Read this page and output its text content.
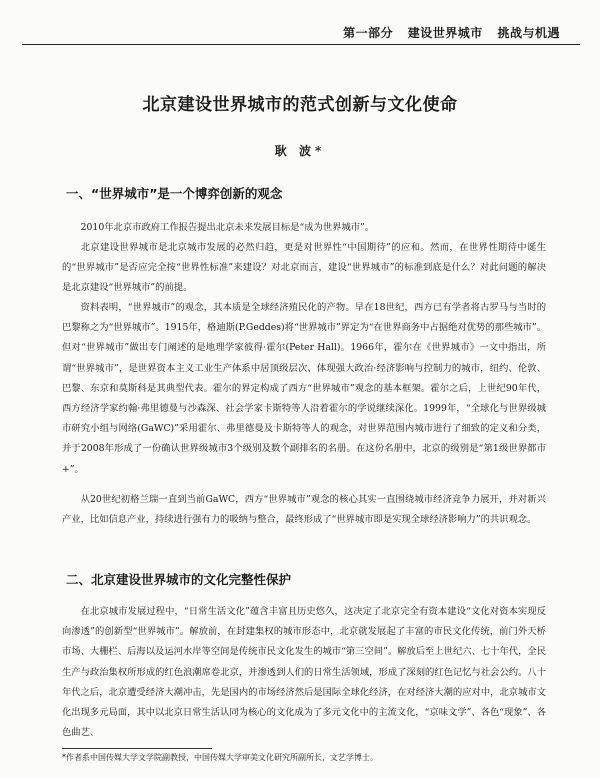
第一部分 建设世界城市 挑战与机遇
北京建设世界城市的范式创新与文化使命
耿 波*
一、“世界城市”是一个博弈创新的观念

2010年北京市政府工作报告提出北京未来发展目标是“成为世界城市”。

北京建设世界城市是北京城市发展的必然归趋，更是对世界性“中国期待”的应和。然而，在世界性期待中诞生的“世界城市”是否应完全按“世界性标准”来建设？对北京而言，建设“世界城市”的标准到底是什么？对此问题的解决是北京建设“世界城市”的前提。

资料表明，“世界城市”的观念，其本质是全球经济殖民化的产物。早在18世纪，西方已有学者将古罗马与当时的巴黎称之为“世界城市”。1915年，格迪斯(P.Geddes)将“世界城市”界定为“在世界商务中占据绝对优势的那些城市”。但对“世界城市”做出专门阐述的是地理学家彼得·霍尔(Peter Hall)。1966年，霍尔在《世界城市》一文中指出，所谓“世界城市”，是世界资本主义工业生产体系中居顶级层次、体现强大政治·经济影响与控制力的城市，纽约、伦敦、巴黎、东京和莫斯科是其典型代表。霍尔的界定构成了西方“世界城市”观念的基本框架。霍尔之后，上世纪90年代，西方经济学家约翰·弗里德曼与沙森深、社会学家卡斯特等人沿着霍尔的学说继续深化。1999年，“全球化与世界级城市研究小组与网络(GaWC)”采用霍尔、弗里德曼及卡斯特等人的观念，对世界范围内城市进行了细致的定义和分类，并于2008年形成了一份确认世界级城市3个级别及数个副排名的名册。在这份名册中，北京的级别是“第1级世界都市+”。

从20世纪初格兰瑞一直到当前GaWC，西方“世界城市”观念的核心其实一直围绕城市经济竞争力展开，并对新兴产业，比如信息产业，持续进行强有力的吸纳与整合，最终形成了“世界城市即是实现全球经济影响力”的共识观念。

二、北京建设世界城市的文化完整性保护

在北京城市发展过程中，“日常生活文化”蕴含丰富且历史悠久，这决定了北京完全有资本建设“文化对资本实现反向渗透”的创新型“世界城市”。解放前，在封建集权的城市形态中，北京就发展起了丰富的市民文化传统，前门外天桥市场、大栅栏、后海以及运河水岸等空间是传统市民文化发生的城市“第三空间”。解放后至上世纪六、七十年代，全民生产与政治集权所形成的红色浪潮席卷北京，并渗透到人们的日常生活领域，形成了深刻的红色记忆与社会公约。八十年代之后，北京遭受经济大潮冲击，先是国内的市场经济然后是国际全球化经济，在对经济大潮的应对中，北京城市文化出现多元局面，其中以北京日常生活认同为核心的文化成为了多元文化中的主流文化，“京味文学”、各色“现象”、各色曲艺、

*作者系中国传媒大学文学院副教授，中国传媒大学审美文化研究所副所长，文艺学博士。
